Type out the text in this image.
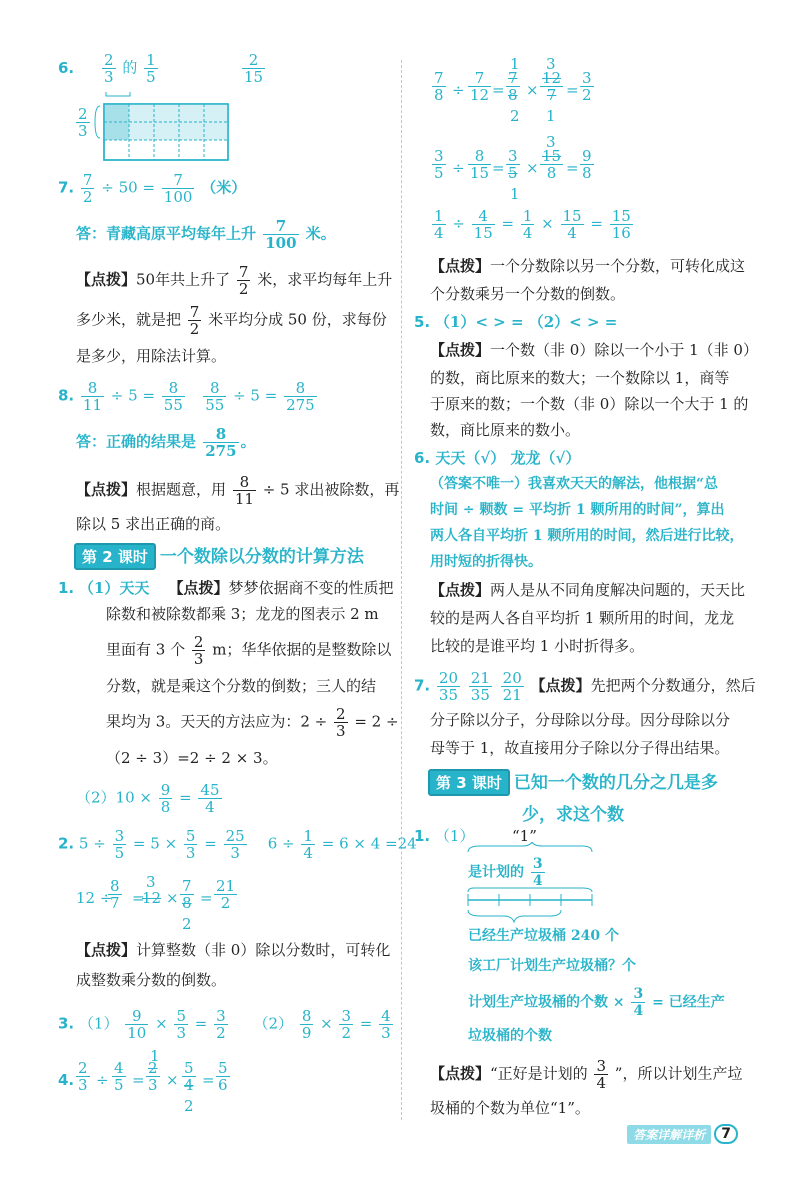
6. $\frac{2}{3}$ 的 $\frac{1}{5}$	$\frac{2}{15}$
$\frac{2}{3}$
7. $\frac{7}{2} \div 50 = \frac{7}{100}$ （米）
答：青藏高原平均每年上升 $\frac{7}{100}$ 米。
【点拨】50年共上升了 $\frac{7}{2}$ 米，求平均每年上升
多少米，就是把 $\frac{7}{2}$ 米平均分成 50 份，求每份
是多少，用除法计算。
8. $\frac{8}{11} \div 5 = \frac{8}{55}$
$\frac{8}{55} \div 5 = \frac{8}{275}$
答：正确的结果是 $\frac{8}{275}$ 。
【点拨】根据题意，用 $\frac{8}{11} \div 5$ 求出被除数，再
除以 5 求出正确的商。
第 2 课时 一个数除以分数的计算方法
1. （1）天天 【点拨】梦梦依据商不变的性质把
除数和被除数都乘 3；龙龙的图表示 2 m
里面有 3 个 $\frac{2}{3}$ m；华华依据的是整数除以
分数，就是乘这个分数的倒数；三人的结
果均为 3。天天的方法应为：$2 \div \frac{2}{3} = 2$ ÷
（2 ÷ 3）=2 ÷ 2 × 3。
$(2)10 \times \frac{9}{8} = \frac{45}{4}$
2. $5 \div \frac{3}{5} = 5 \times \frac{5}{3} = \frac{25}{3} 6 \div \frac{1}{4} = 6 \times 4 =24$
12 ÷
$\frac{8}{7}$ =
3
$12 \times \frac{7}{8}$
2
= $\frac{21}{2}$
【点拨】计算整数（非 0）除以分数时，可转化
成整数乘分数的倒数。
3. $(1) \frac{9}{10} \times \frac{5}{3} = \frac{3}{2} (2) \frac{8}{9} \times \frac{3}{2} = \frac{4}{3}$
4. $\frac{2}{3} \div \frac{4}{5}$ =
1
$\frac{2}{3} \times \frac{5}{4}$
2
= $\frac{5}{6}$
$\frac{7}{8} \div \frac{7}{12}$ =
1
$\frac{7}{8}$
2
×
3
$\frac{12}{7}$
1
= $\frac{3}{2}$
$\frac{3}{5} \div \frac{8}{15} = \frac{3}{5}$ ×
3
$\frac{15}{8}$
1
= $\frac{9}{8}$
$\frac{1}{4} \div \frac{4}{15} = \frac{1}{4} \times \frac{15}{4} = \frac{15}{16}$
【点拨】一个分数除以另一个分数，可转化成这
个分数乘另一个分数的倒数。
5. （1）< > = （2）< > =
【点拨】一个数（非 0）除以一个小于 1（非 0）
的数，商比原来的数大；一个数除以 1，商等
于原来的数；一个数（非 0）除以一个大于 1 的
数，商比原来的数小。
6. 天天（√） 龙龙（√）
（答案不唯一）我喜欢天天的解法，他根据“总
时间 ÷ 颗数 = 平均折 1 颗所用的时间”，算出
两人各自平均折 1 颗所用的时间，然后进行比较，
用时短的折得快。
【点拨】两人是从不同角度解决问题的，天天比
较的是两人各自平均折 1 颗所用的时间，龙龙
比较的是谁平均 1 小时折得多。
7. $\frac{20}{35}$
$\frac{21}{35}$
$\frac{20}{21}$ 【点拨】先把两个分数通分，然后
分子除以分子，分母除以分母。因分母除以分
母等于 1，故直接用分子除以分子得出结果。
第 3 课时 已知一个数的几分之几是多
少，求这个数
1. （1）	“1”
是计划的 $\frac{3}{4}$
已经生产垃圾桶 240 个
该工厂计划生产垃圾桶？个
计划生产垃圾桶的个数 × $\frac{3}{4}$ = 已经生产
垃圾桶的个数
【点拨】“正好是计划的 $\frac{3}{4}$ ”，所以计划生产垃
圾桶的个数为单位“1”。
答案详解详析	7
